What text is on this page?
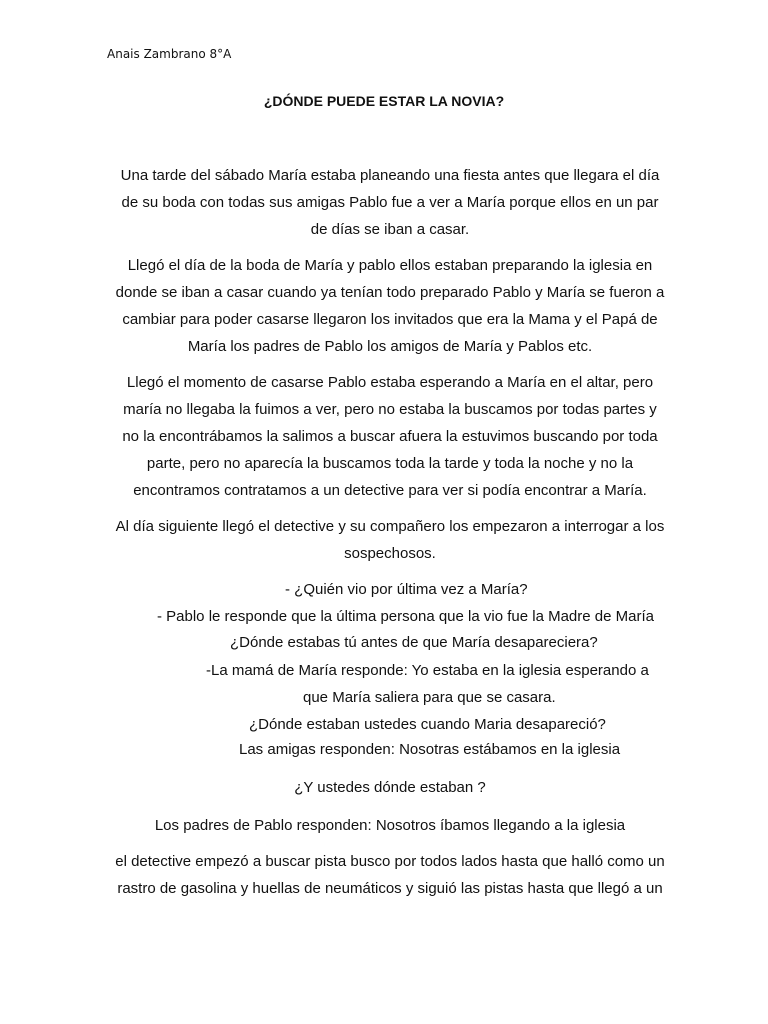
Anais Zambrano 8°A
¿DÓNDE PUEDE ESTAR LA NOVIA?

Una tarde del sábado María estaba planeando una fiesta antes que llegara el día
de su boda con todas sus amigas Pablo fue a ver a María porque ellos en un par
de días se iban a casar.

Llegó el día de la boda de María y pablo ellos estaban preparando la iglesia en
donde se iban a casar cuando ya tenían todo preparado Pablo y María se fueron a
cambiar para poder casarse llegaron los invitados que era la Mama y el Papá de
María los padres de Pablo los amigos de María y Pablos etc.

Llegó el momento de casarse Pablo estaba esperando a María en el altar, pero
maría no llegaba la fuimos a ver, pero no estaba la buscamos por todas partes y
no la encontrábamos la salimos a buscar afuera la estuvimos buscando por toda
parte, pero no aparecía la buscamos toda la tarde y toda la noche y no la
encontramos contratamos a un detective para ver si podía encontrar a María.

Al día siguiente llegó el detective y su compañero los empezaron a interrogar a los
sospechosos.

- ¿Quién vio por última vez a María?
- Pablo le responde que la última persona que la vio fue la Madre de María
¿Dónde estabas tú antes de que María desapareciera?
-La mamá de María responde: Yo estaba en la iglesia esperando a
que María saliera para que se casara.
¿Dónde estaban ustedes cuando Maria desapareció?
Las amigas responden: Nosotras estábamos en la iglesia

¿Y ustedes dónde estaban ?

Los padres de Pablo responden: Nosotros íbamos llegando a la iglesia

el detective empezó a buscar pista busco por todos lados hasta que halló como un
rastro de gasolina y huellas de neumáticos y siguió las pistas hasta que llegó a un
